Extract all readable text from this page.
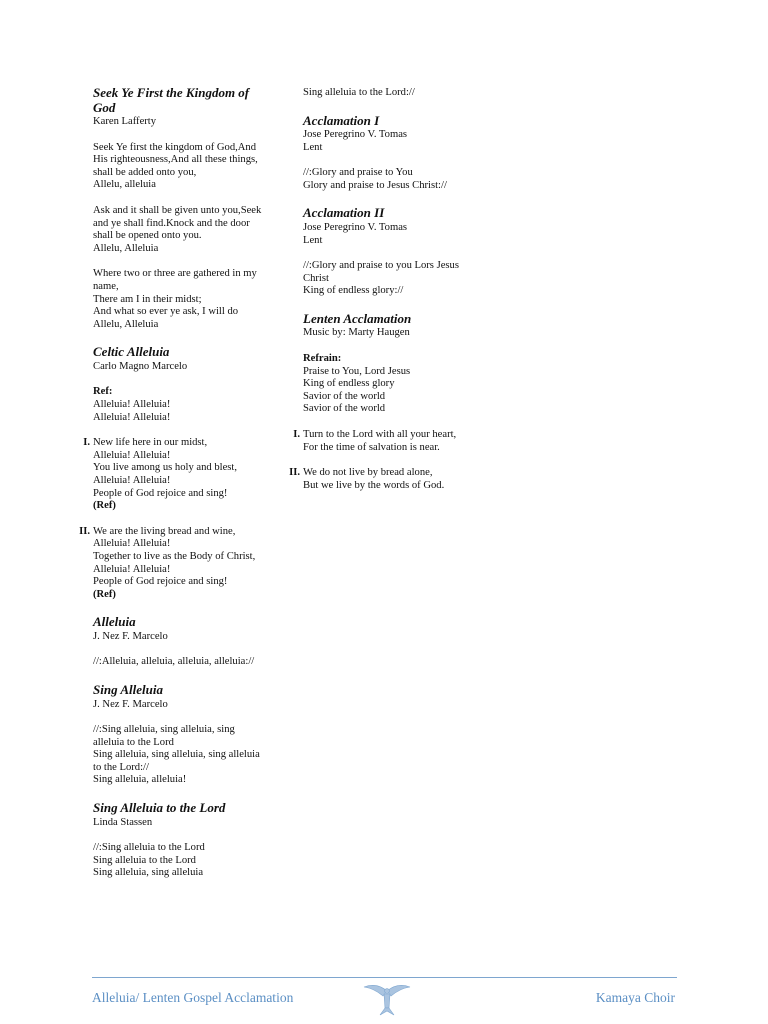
Seek Ye First the Kingdom of God
Karen Lafferty
Seek Ye first the kingdom of God,And His righteousness,And all these things, shall be added onto you,
Allelu, alleluia
Ask and it shall be given unto you,Seek and ye shall find.Knock and the door shall be opened onto you.
Allelu, Alleluia
Where two or three are gathered in my name,
There am I in their midst;
And what so ever ye ask, I will do
Allelu, Alleluia
Celtic Alleluia
Carlo Magno Marcelo
Ref:
Alleluia! Alleluia!
Alleluia! Alleluia!
I. New life here in our midst,
Alleluia! Alleluia!
You live among us holy and blest,
Alleluia! Alleluia!
People of God rejoice and sing!
(Ref)
II. We are the living bread and wine,
Alleluia! Alleluia!
Together to live as the Body of Christ,
Alleluia! Alleluia!
People of God rejoice and sing!
(Ref)
Alleluia
J. Nez F. Marcelo
//:Alleluia, alleluia, alleluia, alleluia://
Sing Alleluia
J. Nez F. Marcelo
//:Sing alleluia, sing alleluia, sing alleluia to the Lord
Sing alleluia, sing alleluia, sing alleluia to the Lord://
Sing alleluia, alleluia!
Sing Alleluia to the Lord
Linda Stassen
//:Sing alleluia to the Lord
Sing alleluia to the Lord
Sing alleluia, sing alleluia
Sing alleluia to the Lord://
Acclamation I
Jose Peregrino V. Tomas
Lent
//:Glory and praise to You
Glory and praise to Jesus Christ://
Acclamation II
Jose Peregrino V. Tomas
Lent
//:Glory and praise to you Lors Jesus Christ
King of endless glory://
Lenten Acclamation
Music by: Marty Haugen
Refrain:
Praise to You, Lord Jesus
King of endless glory
Savior of the world
Savior of the world
I. Turn to the Lord with all your heart, For the time of salvation is near.
II. We do not live by bread alone,
But we live by the words of God.
Alleluia/ Lenten Gospel Acclamation	Kamaya Choir
